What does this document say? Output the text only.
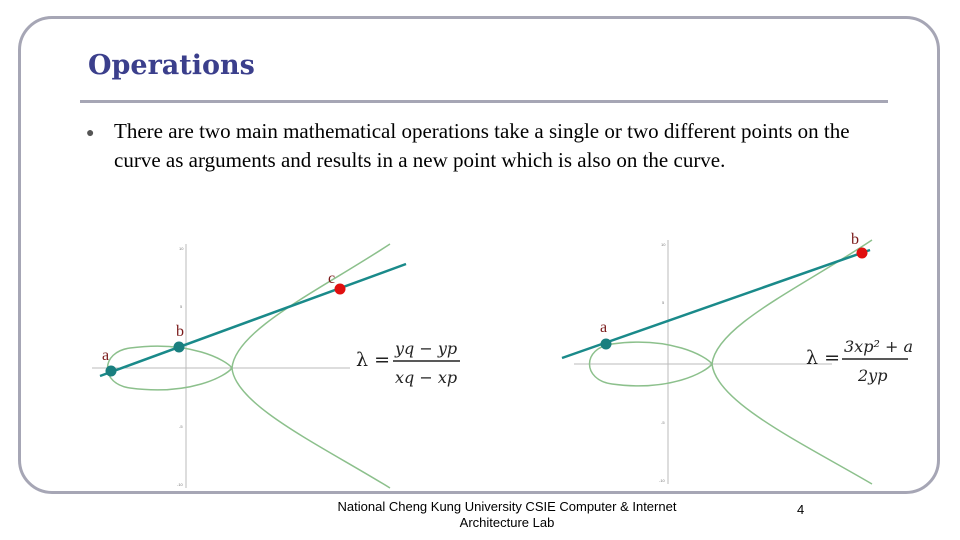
Operations
● There are two main mathematical operations take a single or two different points on the curve as arguments and results in a new point which is also on the curve.

10
5
-5
-10
a
b
c
λ =
yq − yp
xq − xp
10
5
-5
-10
a
b
λ =
3xp² + a
2yp
National Cheng Kung University CSIE Computer & Internet Architecture Lab
4
